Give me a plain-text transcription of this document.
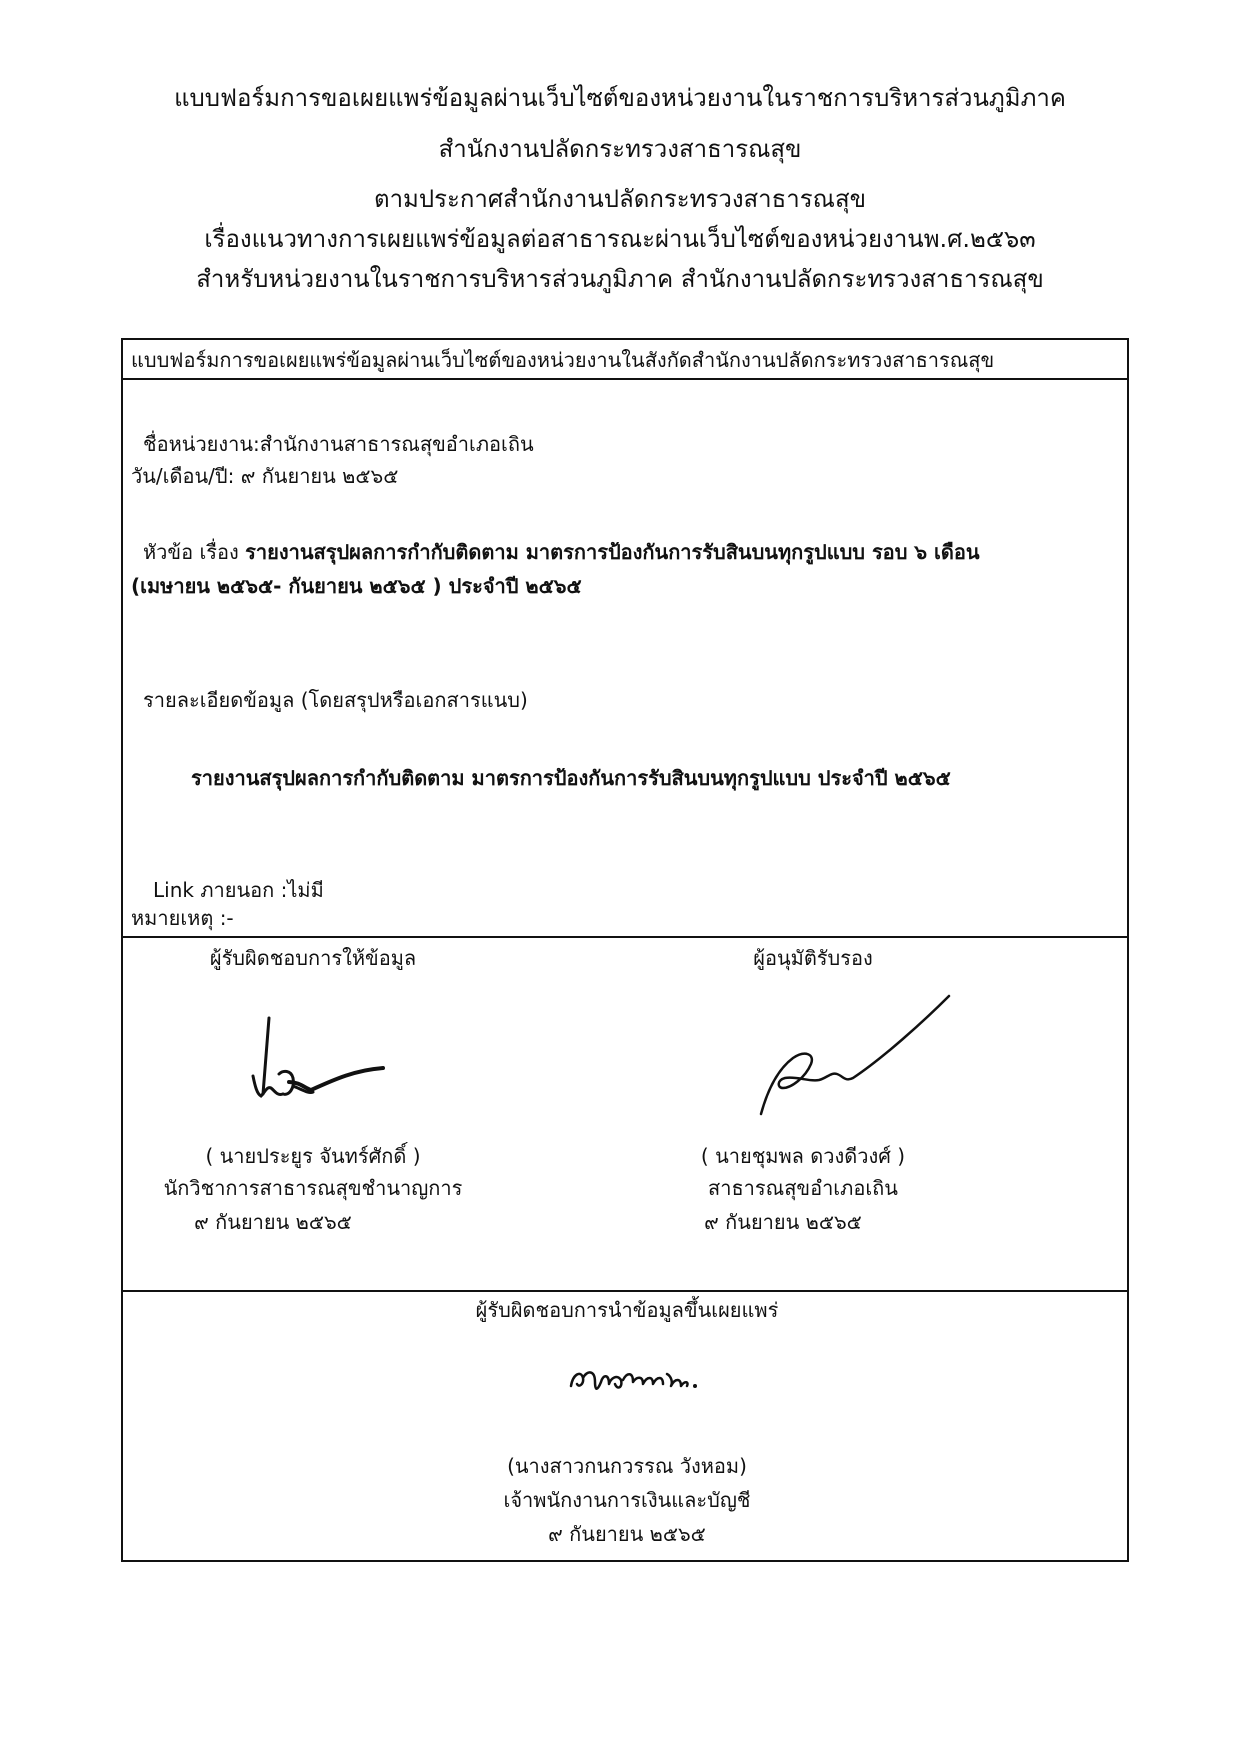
แบบฟอร์มการขอเผยแพร่ข้อมูลผ่านเว็บไซต์ของหน่วยงานในราชการบริหารส่วนภูมิภาค
สำนักงานปลัดกระทรวงสาธารณสุข
ตามประกาศสำนักงานปลัดกระทรวงสาธารณสุข
เรื่องแนวทางการเผยแพร่ข้อมูลต่อสาธารณะผ่านเว็บไซต์ของหน่วยงานพ.ศ.๒๕๖๓
สำหรับหน่วยงานในราชการบริหารส่วนภูมิภาค สำนักงานปลัดกระทรวงสาธารณสุข
แบบฟอร์มการขอเผยแพร่ข้อมูลผ่านเว็บไซต์ของหน่วยงานในสังกัดสำนักงานปลัดกระทรวงสาธารณสุข
ชื่อหน่วยงาน:สำนักงานสาธารณสุขอำเภอเถิน
วัน/เดือน/ปี: ๙ กันยายน ๒๕๖๕
หัวข้อ เรื่อง รายงานสรุปผลการกำกับติดตาม มาตรการป้องกันการรับสินบนทุกรูปแบบ รอบ ๖ เดือน
(เมษายน ๒๕๖๕- กันยายน ๒๕๖๕ ) ประจำปี ๒๕๖๕
รายละเอียดข้อมูล (โดยสรุปหรือเอกสารแนบ)
รายงานสรุปผลการกำกับติดตาม มาตรการป้องกันการรับสินบนทุกรูปแบบ ประจำปี ๒๕๖๕
Link ภายนอก :ไม่มี
หมายเหตุ :-
ผู้รับผิดชอบการให้ข้อมูล
( นายประยูร จันทร์ศักดิ์ )
นักวิชาการสาธารณสุขชำนาญการ
๙ กันยายน ๒๕๖๕
ผู้อนุมัติรับรอง
( นายชุมพล ดวงดีวงศ์ )
สาธารณสุขอำเภอเถิน
๙ กันยายน ๒๕๖๕
ผู้รับผิดชอบการนำข้อมูลขึ้นเผยแพร่
(นางสาวกนกวรรณ วังหอม)
เจ้าพนักงานการเงินและบัญชี
๙ กันยายน ๒๕๖๕
